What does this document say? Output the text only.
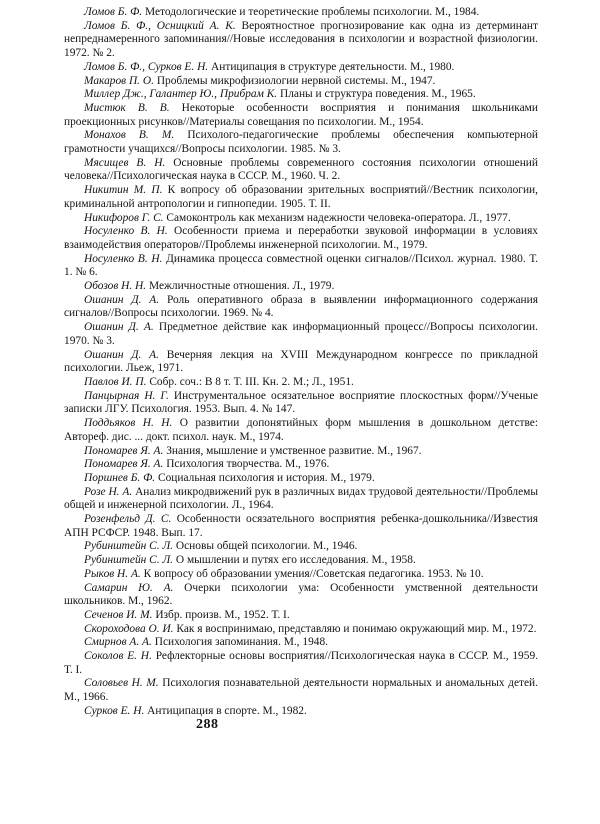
Ломов Б. Ф. Методологические и теоретические проблемы психологии. М., 1984.
Ломов Б. Ф., Осницкий А. К. Вероятностное прогнозирование как одна из детерминант непреднамеренного запоминания//Новые исследования в психологии и возрастной физиологии. 1972. № 2.
Ломов Б. Ф., Сурков Е. Н. Антиципация в структуре деятельности. М., 1980.
Макаров П. О. Проблемы микрофизиологии нервной системы. М., 1947.
Миллер Дж., Галантер Ю., Прибрам К. Планы и структура поведения. М., 1965.
Мистюк В. В. Некоторые особенности восприятия и понимания школьниками проекционных рисунков//Материалы совещания по психологии. М., 1954.
Монахов В. М. Психолого-педагогические проблемы обеспечения компьютерной грамотности учащихся//Вопросы психологии. 1985. № 3.
Мясищев В. Н. Основные проблемы современного состояния психологии отношений человека//Психологическая наука в СССР. М., 1960. Ч. 2.
Никитин М. П. К вопросу об образовании зрительных восприятий//Вестник психологии, криминальной антропологии и гипнопедии. 1905. Т. II.
Никифоров Г. С. Самоконтроль как механизм надежности человека-оператора. Л., 1977.
Носуленко В. Н. Особенности приема и переработки звуковой информации в условиях взаимодействия операторов//Проблемы инженерной психологии. М., 1979.
Носуленко В. Н. Динамика процесса совместной оценки сигналов//Психол. журнал. 1980. Т. 1. № 6.
Обозов Н. Н. Межличностные отношения. Л., 1979.
Ошанин Д. А. Роль оперативного образа в выявлении информационного содержания сигналов//Вопросы психологии. 1969. № 4.
Ошанин Д. А. Предметное действие как информационный процесс//Вопросы психологии. 1970. № 3.
Ошанин Д. А. Вечерняя лекция на XVIII Международном конгрессе по прикладной психологии. Льеж, 1971.
Павлов И. П. Собр. соч.: В 8 т. Т. III. Кн. 2. М.; Л., 1951.
Панцырная Н. Г. Инструментальное осязательное восприятие плоскостных форм//Ученые записки ЛГУ. Психология. 1953. Вып. 4. № 147.
Поддьяков Н. Н. О развитии допонятийных форм мышления в дошкольном детстве: Автореф. дис. ... докт. психол. наук. М., 1974.
Пономарев Я. А. Знания, мышление и умственное развитие. М., 1967.
Пономарев Я. А. Психология творчества. М., 1976.
Поршнев Б. Ф. Социальная психология и история. М., 1979.
Розе Н. А. Анализ микродвижений рук в различных видах трудовой деятельности//Проблемы общей и инженерной психологии. Л., 1964.
Розенфельд Д. С. Особенности осязательного восприятия ребенка-дошкольника//Известия АПН РСФСР. 1948. Вып. 17.
Рубинштейн С. Л. Основы общей психологии. М., 1946.
Рубинштейн С. Л. О мышлении и путях его исследования. М., 1958.
Рыков Н. А. К вопросу об образовании умения//Советская педагогика. 1953. № 10.
Самарин Ю. А. Очерки психологии ума: Особенности умственной деятельности школьников. М., 1962.
Сеченов И. М. Избр. произв. М., 1952. Т. I.
Скороходова О. И. Как я воспринимаю, представляю и понимаю окружающий мир. М., 1972.
Смирнов А. А. Психология запоминания. М., 1948.
Соколов Е. Н. Рефлекторные основы восприятия//Психологическая наука в СССР. М., 1959. Т. I.
Соловьев Н. М. Психология познавательной деятельности нормальных и аномальных детей. М., 1966.
Сурков Е. Н. Антиципация в спорте. М., 1982.
288
